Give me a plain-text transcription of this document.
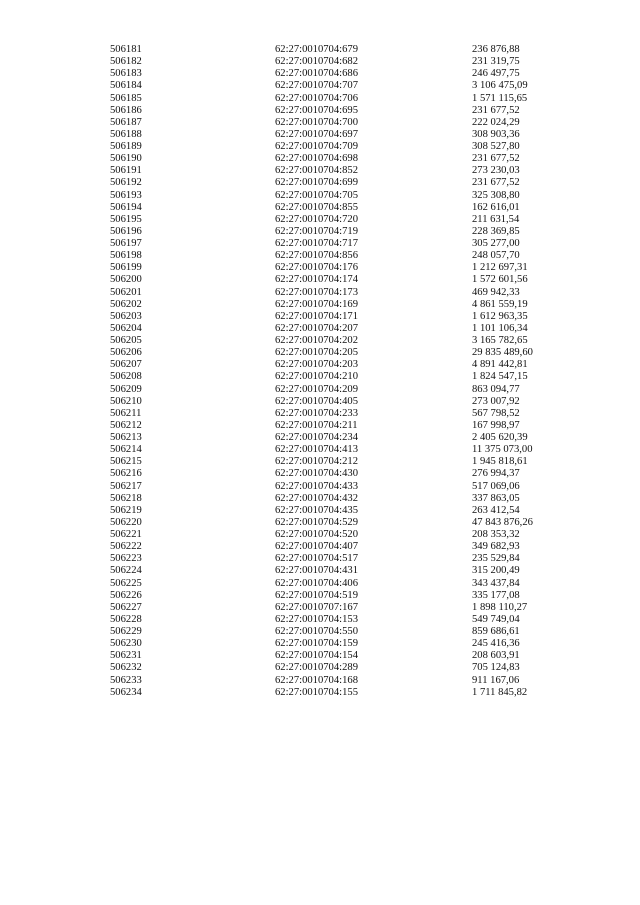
506181	62:27:0010704:679	236 876,88
506182	62:27:0010704:682	231 319,75
506183	62:27:0010704:686	246 497,75
506184	62:27:0010704:707	3 106 475,09
506185	62:27:0010704:706	1 571 115,65
506186	62:27:0010704:695	231 677,52
506187	62:27:0010704:700	222 024,29
506188	62:27:0010704:697	308 903,36
506189	62:27:0010704:709	308 527,80
506190	62:27:0010704:698	231 677,52
506191	62:27:0010704:852	273 230,03
506192	62:27:0010704:699	231 677,52
506193	62:27:0010704:705	325 308,80
506194	62:27:0010704:855	162 616,01
506195	62:27:0010704:720	211 631,54
506196	62:27:0010704:719	228 369,85
506197	62:27:0010704:717	305 277,00
506198	62:27:0010704:856	248 057,70
506199	62:27:0010704:176	1 212 697,31
506200	62:27:0010704:174	1 572 601,56
506201	62:27:0010704:173	469 942,33
506202	62:27:0010704:169	4 861 559,19
506203	62:27:0010704:171	1 612 963,35
506204	62:27:0010704:207	1 101 106,34
506205	62:27:0010704:202	3 165 782,65
506206	62:27:0010704:205	29 835 489,60
506207	62:27:0010704:203	4 891 442,81
506208	62:27:0010704:210	1 824 547,15
506209	62:27:0010704:209	863 094,77
506210	62:27:0010704:405	273 007,92
506211	62:27:0010704:233	567 798,52
506212	62:27:0010704:211	167 998,97
506213	62:27:0010704:234	2 405 620,39
506214	62:27:0010704:413	11 375 073,00
506215	62:27:0010704:212	1 945 818,61
506216	62:27:0010704:430	276 994,37
506217	62:27:0010704:433	517 069,06
506218	62:27:0010704:432	337 863,05
506219	62:27:0010704:435	263 412,54
506220	62:27:0010704:529	47 843 876,26
506221	62:27:0010704:520	208 353,32
506222	62:27:0010704:407	349 682,93
506223	62:27:0010704:517	235 529,84
506224	62:27:0010704:431	315 200,49
506225	62:27:0010704:406	343 437,84
506226	62:27:0010704:519	335 177,08
506227	62:27:0010707:167	1 898 110,27
506228	62:27:0010704:153	549 749,04
506229	62:27:0010704:550	859 686,61
506230	62:27:0010704:159	245 416,36
506231	62:27:0010704:154	208 603,91
506232	62:27:0010704:289	705 124,83
506233	62:27:0010704:168	911 167,06
506234	62:27:0010704:155	1 711 845,82
